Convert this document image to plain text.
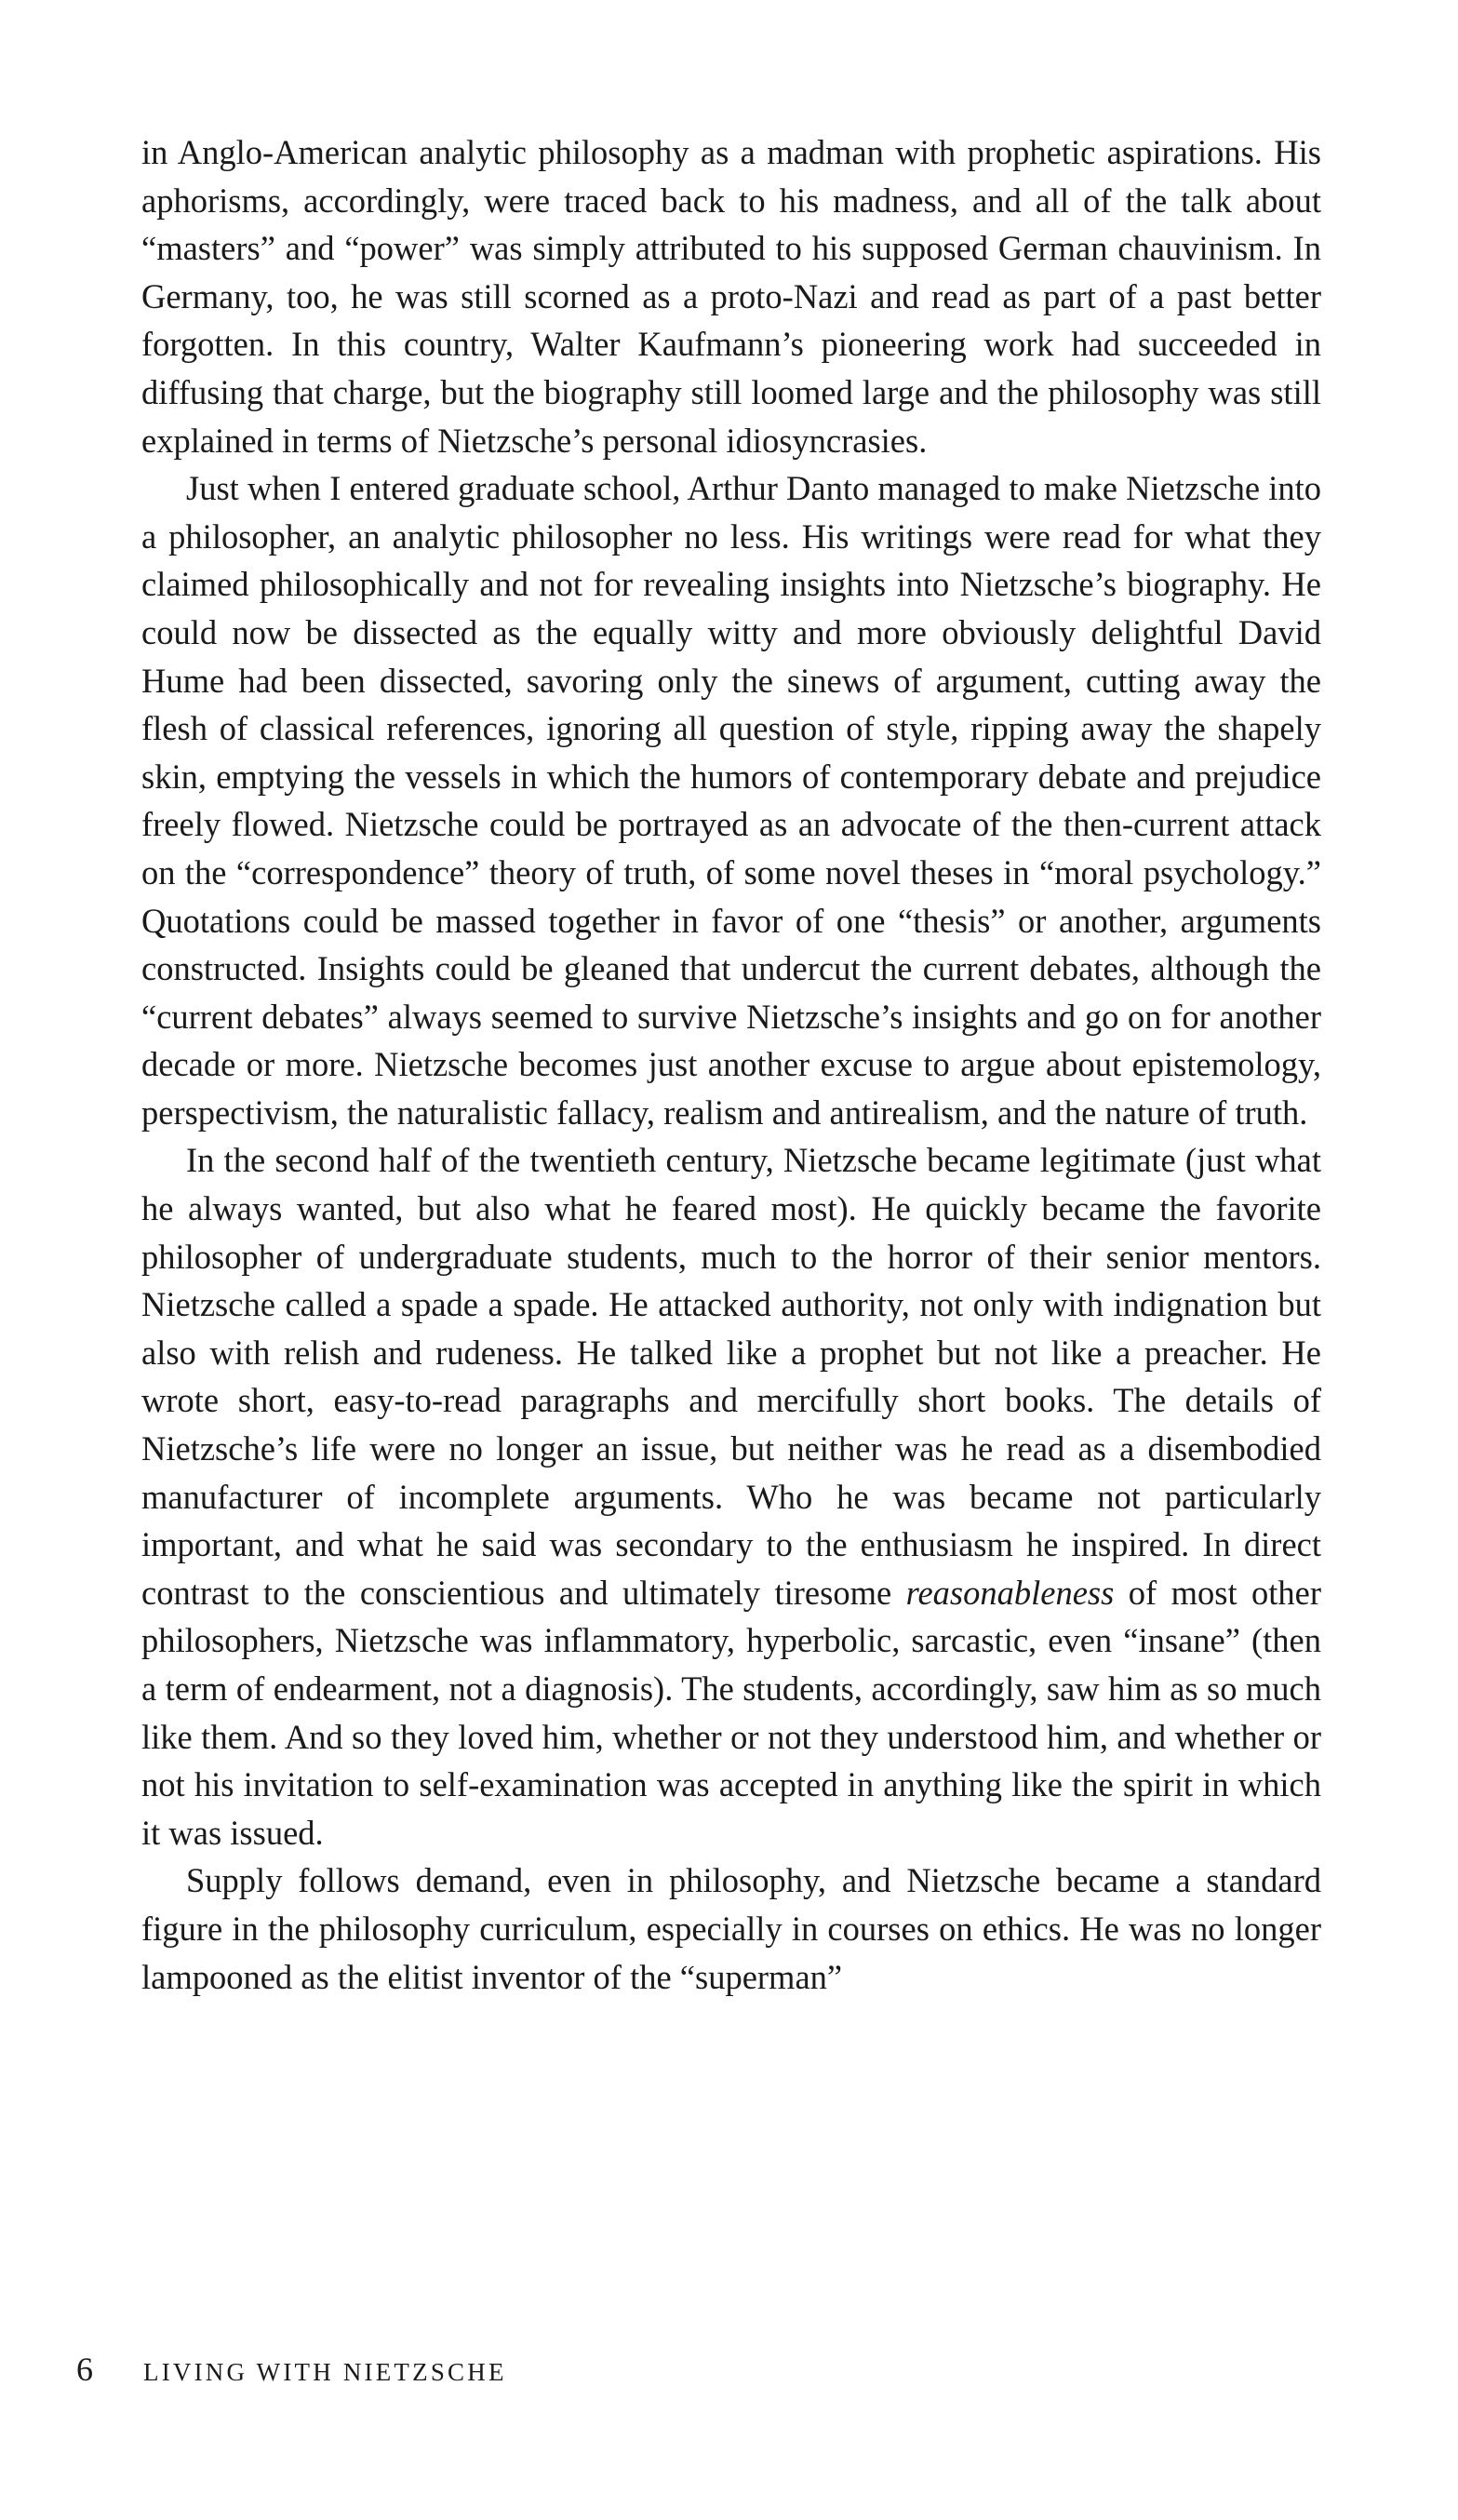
in Anglo-American analytic philosophy as a madman with prophetic aspirations. His aphorisms, accordingly, were traced back to his madness, and all of the talk about “masters” and “power” was simply attributed to his supposed German chauvinism. In Germany, too, he was still scorned as a proto-Nazi and read as part of a past better forgotten. In this country, Walter Kaufmann’s pioneering work had succeeded in diffusing that charge, but the biography still loomed large and the philosophy was still explained in terms of Nietzsche’s personal idiosyncrasies.

Just when I entered graduate school, Arthur Danto managed to make Nietzsche into a philosopher, an analytic philosopher no less. His writings were read for what they claimed philosophically and not for revealing insights into Nietzsche’s biography. He could now be dissected as the equally witty and more obviously delightful David Hume had been dissected, savoring only the sinews of argument, cutting away the flesh of classical references, ignoring all question of style, ripping away the shapely skin, emptying the vessels in which the humors of contemporary debate and prejudice freely flowed. Nietzsche could be portrayed as an advocate of the then-current attack on the “correspondence” theory of truth, of some novel theses in “moral psychology.” Quotations could be massed together in favor of one “thesis” or another, arguments constructed. Insights could be gleaned that undercut the current debates, although the “current debates” always seemed to survive Nietzsche’s insights and go on for another decade or more. Nietzsche becomes just another excuse to argue about epistemology, perspectivism, the naturalistic fallacy, realism and antirealism, and the nature of truth.

In the second half of the twentieth century, Nietzsche became legitimate (just what he always wanted, but also what he feared most). He quickly became the favorite philosopher of undergraduate students, much to the horror of their senior mentors. Nietzsche called a spade a spade. He attacked authority, not only with indignation but also with relish and rudeness. He talked like a prophet but not like a preacher. He wrote short, easy-to-read paragraphs and mercifully short books. The details of Nietzsche’s life were no longer an issue, but neither was he read as a disembodied manufacturer of incomplete arguments. Who he was became not particularly important, and what he said was secondary to the enthusiasm he inspired. In direct contrast to the conscientious and ultimately tiresome reasonableness of most other philosophers, Nietzsche was inflammatory, hyperbolic, sarcastic, even “insane” (then a term of endearment, not a diagnosis). The students, accordingly, saw him as so much like them. And so they loved him, whether or not they understood him, and whether or not his invitation to self-examination was accepted in anything like the spirit in which it was issued.

Supply follows demand, even in philosophy, and Nietzsche became a standard figure in the philosophy curriculum, especially in courses on ethics. He was no longer lampooned as the elitist inventor of the “superman”

6	LIVING WITH NIETZSCHE
